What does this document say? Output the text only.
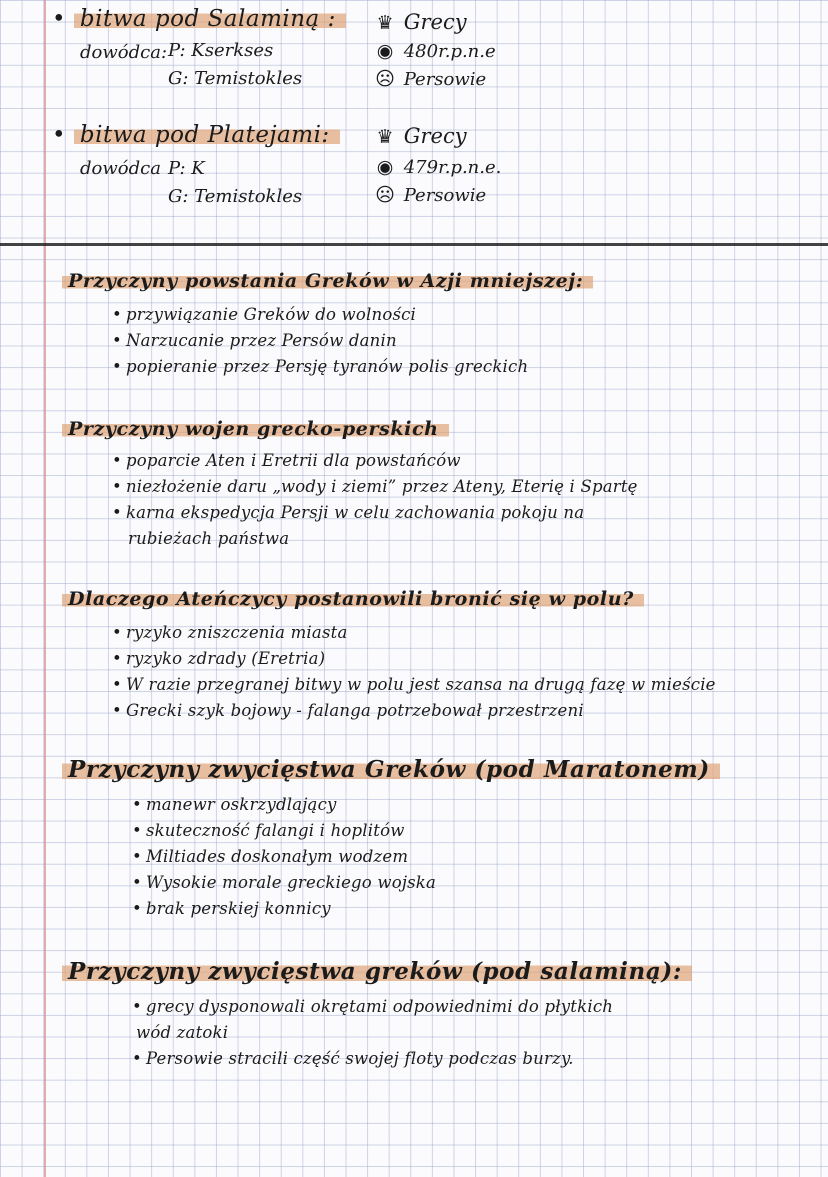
• bitwa pod Salaminą :
dowódca: P: Kserkses
G: Temistokles
♛ Grecy
◉ 480r.p.n.e
☹ Persowie
• bitwa pod Platejami:
dowódca P: K
G: Temistokles
♛ Grecy
◉ 479r.p.n.e.
☹ Persowie
Przyczyny powstania Greków w Azji mniejszej:
• przywiązanie Greków do wolności
• Narzucanie przez Persów danin
• popieranie przez Persję tyranów polis greckich
Przyczyny wojen grecko-perskich
• poparcie Aten i Eretrii dla powstańców
• niezłożenie daru „wody i ziemi” przez Ateny, Eterię i Spartę
• karna ekspedycja Persji w celu zachowania pokoju na
rubieżach państwa
Dlaczego Ateńczycy postanowili bronić się w polu?
• ryzyko zniszczenia miasta
• ryzyko zdrady (Eretria)
• W razie przegranej bitwy w polu jest szansa na drugą fazę w mieście
• Grecki szyk bojowy - falanga potrzebował przestrzeni
Przyczyny zwycięstwa Greków (pod Maratonem)
• manewr oskrzydlający
• skuteczność falangi i hoplitów
• Miltiades doskonałym wodzem
• Wysokie morale greckiego wojska
• brak perskiej konnicy
Przyczyny zwycięstwa greków (pod salaminą):
• grecy dysponowali okrętami odpowiednimi do płytkich
wód zatoki
• Persowie stracili część swojej floty podczas burzy.
